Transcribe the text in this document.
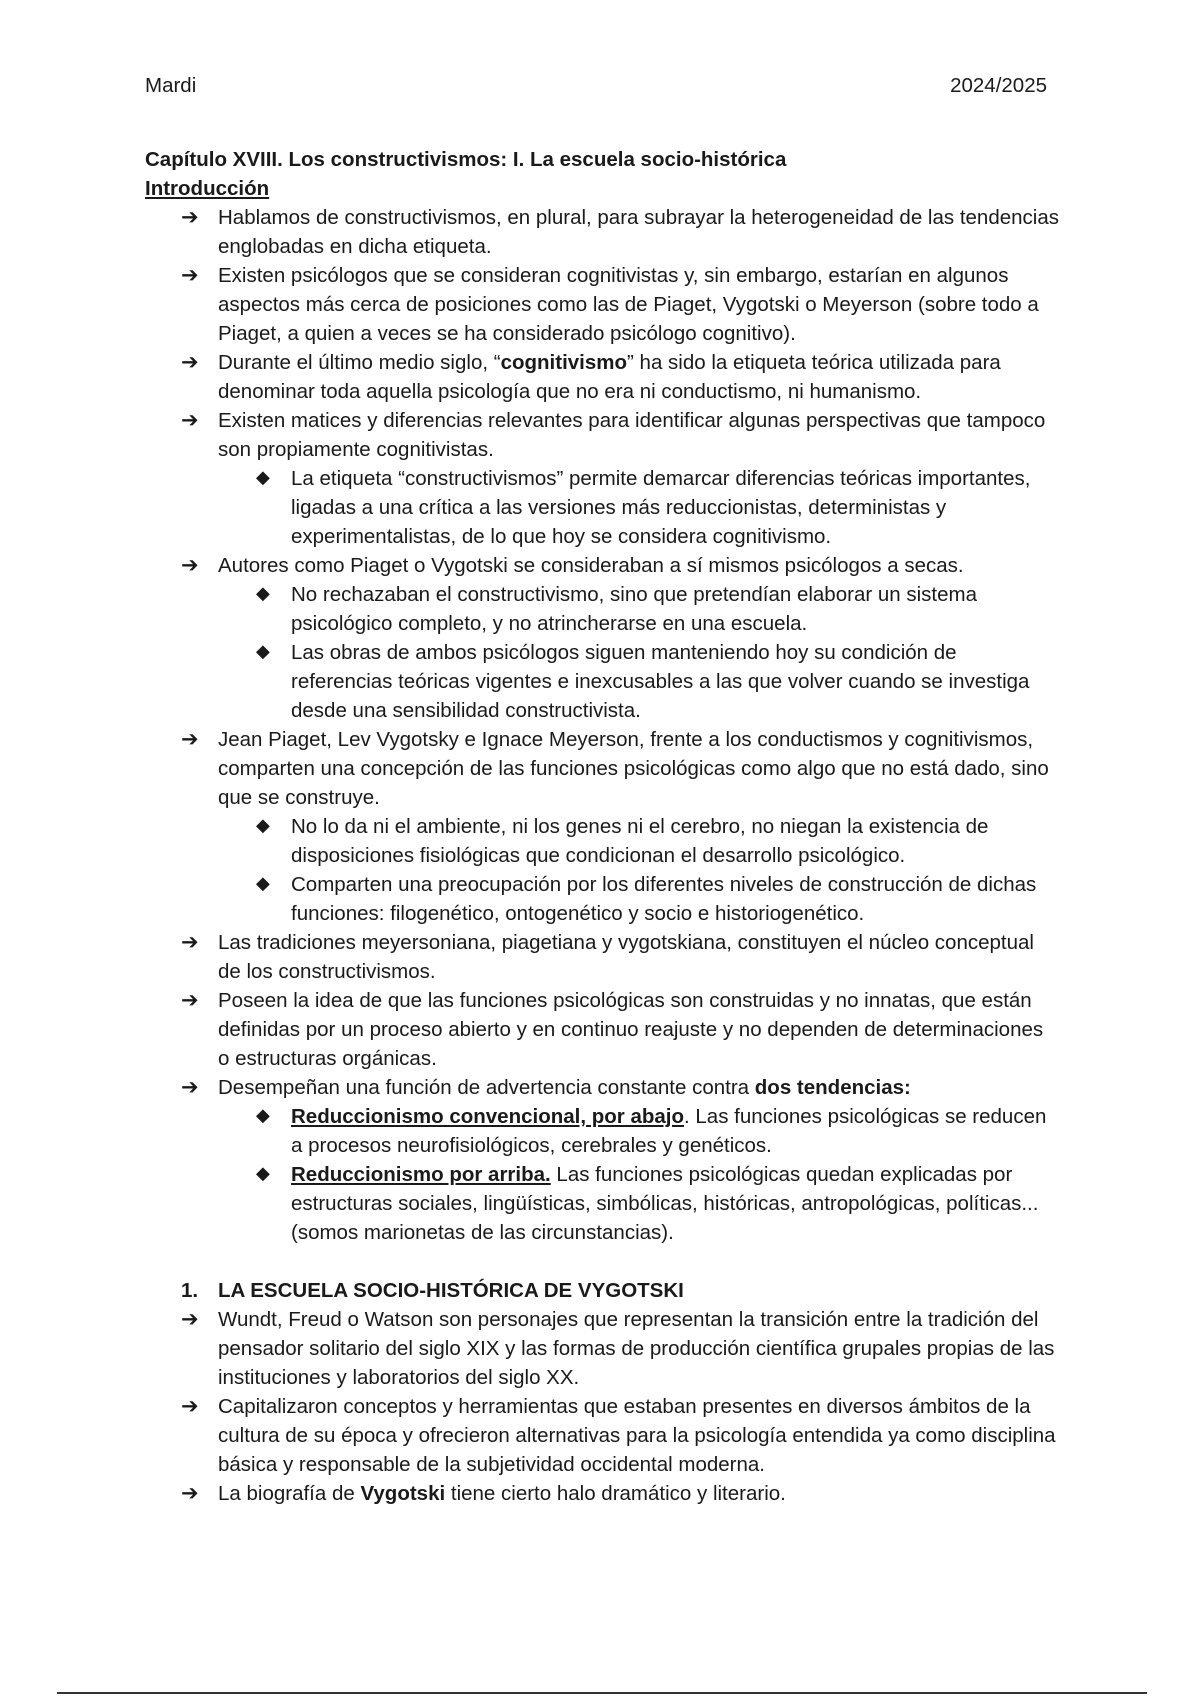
Mardi	2024/2025
Capítulo XVIII. Los constructivismos: I. La escuela socio-histórica
Introducción
➔ Hablamos de constructivismos, en plural, para subrayar la heterogeneidad de las tendencias englobadas en dicha etiqueta.
➔ Existen psicólogos que se consideran cognitivistas y, sin embargo, estarían en algunos aspectos más cerca de posiciones como las de Piaget, Vygotski o Meyerson (sobre todo a Piaget, a quien a veces se ha considerado psicólogo cognitivo).
➔ Durante el último medio siglo, “cognitivismo” ha sido la etiqueta teórica utilizada para denominar toda aquella psicología que no era ni conductismo, ni humanismo.
➔ Existen matices y diferencias relevantes para identificar algunas perspectivas que tampoco son propiamente cognitivistas.
◆ La etiqueta “constructivismos” permite demarcar diferencias teóricas importantes, ligadas a una crítica a las versiones más reduccionistas, deterministas y experimentalistas, de lo que hoy se considera cognitivismo.
➔ Autores como Piaget o Vygotski se consideraban a sí mismos psicólogos a secas.
◆ No rechazaban el constructivismo, sino que pretendían elaborar un sistema psicológico completo, y no atrincherarse en una escuela.
◆ Las obras de ambos psicólogos siguen manteniendo hoy su condición de referencias teóricas vigentes e inexcusables a las que volver cuando se investiga desde una sensibilidad constructivista.
➔ Jean Piaget, Lev Vygotsky e Ignace Meyerson, frente a los conductismos y cognitivismos, comparten una concepción de las funciones psicológicas como algo que no está dado, sino que se construye.
◆ No lo da ni el ambiente, ni los genes ni el cerebro, no niegan la existencia de disposiciones fisiológicas que condicionan el desarrollo psicológico.
◆ Comparten una preocupación por los diferentes niveles de construcción de dichas funciones: filogenético, ontogenético y socio e historiogenético.
➔ Las tradiciones meyersoniana, piagetiana y vygotskiana, constituyen el núcleo conceptual de los constructivismos.
➔ Poseen la idea de que las funciones psicológicas son construidas y no innatas, que están definidas por un proceso abierto y en continuo reajuste y no dependen de determinaciones o estructuras orgánicas.
➔ Desempeñan una función de advertencia constante contra dos tendencias:
◆ Reduccionismo convencional, por abajo. Las funciones psicológicas se reducen a procesos neurofisiológicos, cerebrales y genéticos.
◆ Reduccionismo por arriba. Las funciones psicológicas quedan explicadas por estructuras sociales, lingüísticas, simbólicas, históricas, antropológicas, políticas... (somos marionetas de las circunstancias).
1. LA ESCUELA SOCIO-HISTÓRICA DE VYGOTSKI
➔ Wundt, Freud o Watson son personajes que representan la transición entre la tradición del pensador solitario del siglo XIX y las formas de producción científica grupales propias de las instituciones y laboratorios del siglo XX.
➔ Capitalizaron conceptos y herramientas que estaban presentes en diversos ámbitos de la cultura de su época y ofrecieron alternativas para la psicología entendida ya como disciplina básica y responsable de la subjetividad occidental moderna.
➔ La biografía de Vygotski tiene cierto halo dramático y literario.
